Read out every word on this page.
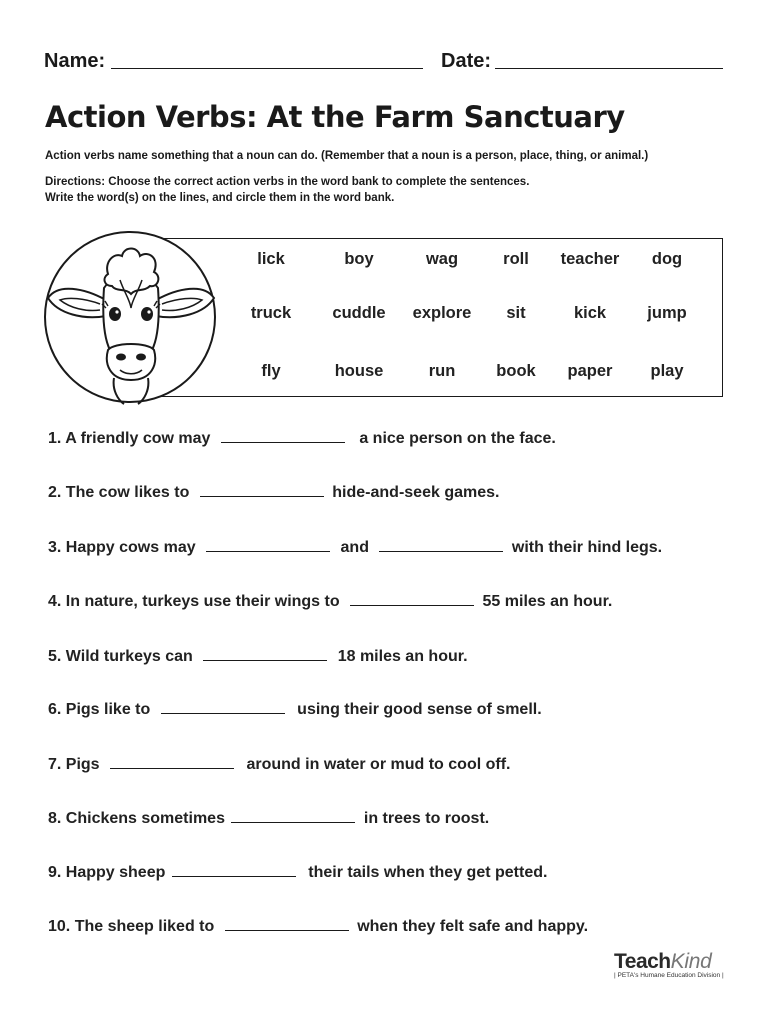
Name:	Date:
Action Verbs: At the Farm Sanctuary
Action verbs name something that a noun can do. (Remember that a noun is a person, place, thing, or animal.)
Directions: Choose the correct action verbs in the word bank to complete the sentences.
Write the word(s) on the lines, and circle them in the word bank.
lick	boy	wag	roll	teacher	dog
truck	cuddle	explore	sit	kick	jump
fly	house	run	book	paper	play
1. A friendly cow may	a nice person on the face.
2. The cow likes to	hide-and-seek games.
3. Happy cows may	and	with their hind legs.
4. In nature, turkeys use their wings to	55 miles an hour.
5. Wild turkeys can	18 miles an hour.
6. Pigs like to	using their good sense of smell.
7. Pigs	around in water or mud to cool off.
8. Chickens sometimes	in trees to roost.
9. Happy sheep	their tails when they get petted.
10. The sheep liked to	when they felt safe and happy.
TeachKind
| PETA's Humane Education Division |
